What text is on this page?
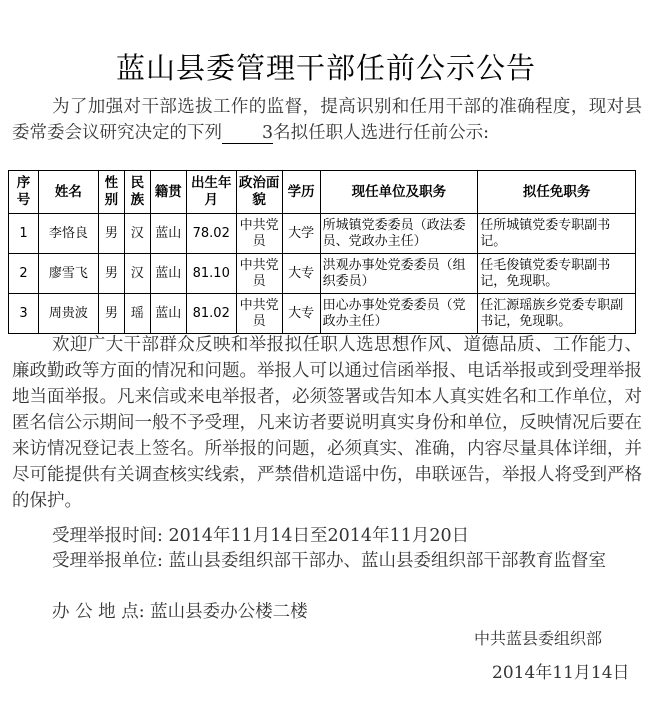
蓝山县委管理干部任前公示公告
为了加强对干部选拔工作的监督，提高识别和任用干部的准确程度，现对县委常委会议研究决定的下列 3名拟任职人选进行任前公示:
序号	姓名	性别	民族	籍贯	出生年月	政治面貌	学历	现任单位及职务	拟任免职务
1	李恪良	男	汉	蓝山	78.02	中共党员	大学	所城镇党委委员（政法委员、党政办主任）	任所城镇党委专职副书记。
2	廖雪飞	男	汉	蓝山	81.10	中共党员	大专	洪观办事处党委委员（组织委员）	任毛俊镇党委专职副书记，免现职。
3	周贵波	男	瑶	蓝山	81.02	中共党员	大专	田心办事处党委委员（党政办主任）	任汇源瑶族乡党委专职副书记，免现职。
欢迎广大干部群众反映和举报拟任职人选思想作风、道德品质、工作能力、廉政勤政等方面的情况和问题。举报人可以通过信函举报、电话举报或到受理举报地当面举报。凡来信或来电举报者，必须签署或告知本人真实姓名和工作单位，对匿名信公示期间一般不予受理，凡来访者要说明真实身份和单位，反映情况后要在来访情况登记表上签名。所举报的问题，必须真实、准确，内容尽量具体详细，并尽可能提供有关调查核实线索，严禁借机造谣中伤，串联诬告，举报人将受到严格的保护。
受理举报时间: 2014年11月14日至2014年11月20日
受理举报单位: 蓝山县委组织部干部办、蓝山县委组织部干部教育监督室
办 公 地 点: 蓝山县委办公楼二楼
中共蓝县委组织部
2014年11月14日
